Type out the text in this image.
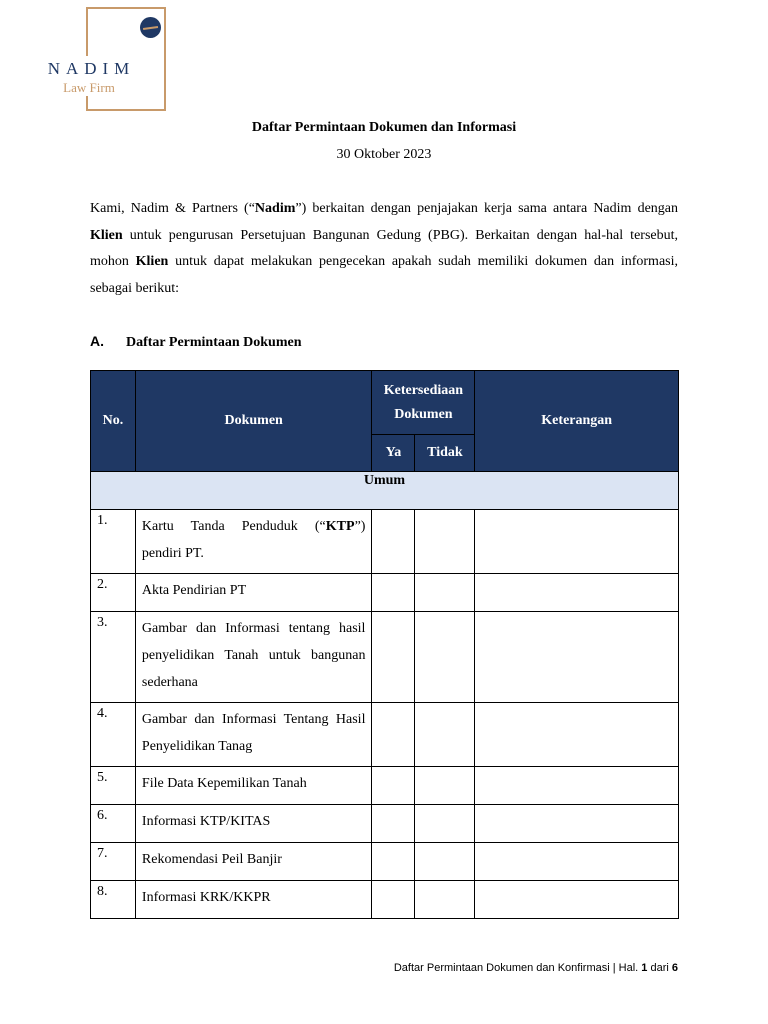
NADIM
Law Firm
Daftar Permintaan Dokumen dan Informasi
30 Oktober 2023
Kami, Nadim & Partners (“Nadim”) berkaitan dengan penjajakan kerja sama antara Nadim dengan Klien untuk pengurusan Persetujuan Bangunan Gedung (PBG). Berkaitan dengan hal-hal tersebut, mohon Klien untuk dapat melakukan pengecekan apakah sudah memiliki dokumen dan informasi, sebagai berikut:
A. Daftar Permintaan Dokumen
No.	Dokumen	Ketersediaan Dokumen		Keterangan
		Ya	Tidak	
Umum				
1.	Kartu Tanda Penduduk (“KTP”) pendiri PT.			
2.	Akta Pendirian PT			
3.	Gambar dan Informasi tentang hasil penyelidikan Tanah untuk bangunan sederhana			
4.	Gambar dan Informasi Tentang Hasil Penyelidikan Tanag			
5.	File Data Kepemilikan Tanah			
6.	Informasi KTP/KITAS			
7.	Rekomendasi Peil Banjir			
8.	Informasi KRK/KKPR			
Daftar Permintaan Dokumen dan Konfirmasi | Hal. 1 dari 6
